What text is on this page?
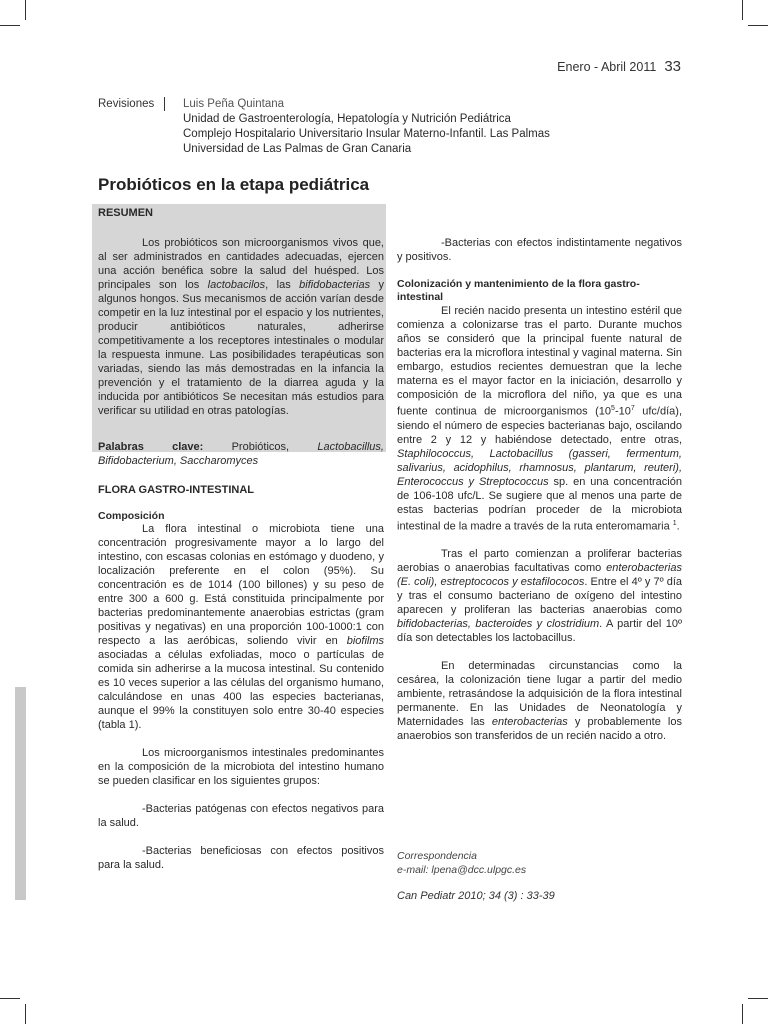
Enero - Abril 2011 33
Revisiones	Luis Peña Quintana
Unidad de Gastroenterología, Hepatología y Nutrición Pediátrica
Complejo Hospitalario Universitario Insular Materno-Infantil. Las Palmas
Universidad de Las Palmas de Gran Canaria
Probióticos en la etapa pediátrica
RESUMEN

Los probióticos son microorganismos vivos que, al ser administrados en cantidades adecuadas, ejercen una acción benéfica sobre la salud del huésped. Los principales son los lactobacilos, las bifidobacterias y algunos hongos. Sus mecanismos de acción varían desde competir en la luz intestinal por el espacio y los nutrientes, producir antibióticos naturales, adherirse competitivamente a los receptores intestinales o modular la respuesta inmune. Las posibilidades terapéuticas son variadas, siendo las más demostradas en la infancia la prevención y el tratamiento de la diarrea aguda y la inducida por antibióticos Se necesitan más estudios para verificar su utilidad en otras patologías.

Palabras clave: Probióticos, Lactobacillus, Bifidobacterium, Saccharomyces

FLORA GASTRO-INTESTINAL
Composición

La flora intestinal o microbiota tiene una concentración progresivamente mayor a lo largo del intestino, con escasas colonias en estómago y duodeno, y localización preferente en el colon (95%). Su concentración es de 1014 (100 billones) y su peso de entre 300 a 600 g. Está constituida principalmente por bacterias predominantemente anaerobias estrictas (gram positivas y negativas) en una proporción 100-1000:1 con respecto a las aeróbicas, soliendo vivir en biofilms asociadas a células exfoliadas, moco o partículas de comida sin adherirse a la mucosa intestinal. Su contenido es 10 veces superior a las células del organismo humano, calculándose en unas 400 las especies bacterianas, aunque el 99% la constituyen solo entre 30-40 especies (tabla 1).

Los microorganismos intestinales predominantes en la composición de la microbiota del intestino humano se pueden clasificar en los siguientes grupos:

-Bacterias patógenas con efectos negativos para la salud.

-Bacterias beneficiosas con efectos positivos para la salud.

-Bacterias con efectos indistintamente negativos y positivos.

Colonización y mantenimiento de la flora gastro-intestinal

El recién nacido presenta un intestino estéril que comienza a colonizarse tras el parto. Durante muchos años se consideró que la principal fuente natural de bacterias era la microflora intestinal y vaginal materna. Sin embargo, estudios recientes demuestran que la leche materna es el mayor factor en la iniciación, desarrollo y composición de la microflora del niño, ya que es una fuente continua de microorganismos ($10^5-10^7$ ufc/día), siendo el número de especies bacterianas bajo, oscilando entre 2 y 12 y habiéndose detectado, entre otras, Staphilococcus, Lactobacillus (gasseri, fermentum, salivarius, acidophilus, rhamnosus, plantarum, reuteri), Enterococcus y Streptococcus sp. en una concentración de 106-108 ufc/L. Se sugiere que al menos una parte de estas bacterias podrían proceder de la microbiota intestinal de la madre a través de la ruta enteromamaria $^1$.

Tras el parto comienzan a proliferar bacterias aerobias o anaerobias facultativas como enterobacterias (E. coli), estreptococos y estafilococos. Entre el 4º y 7º día y tras el consumo bacteriano de oxígeno del intestino aparecen y proliferan las bacterias anaerobias como bifidobacterias, bacteroides y clostridium. A partir del 10º día son detectables los lactobacillus.

En determinadas circunstancias como la cesárea, la colonización tiene lugar a partir del medio ambiente, retrasándose la adquisición de la flora intestinal permanente. En las Unidades de Neonatología y Maternidades las enterobacterias y probablemente los anaerobios son transferidos de un recién nacido a otro.

Correspondencia
e-mail: lpena@dcc.ulpgc.es
Can Pediatr 2010; 34 (3) : 33-39
